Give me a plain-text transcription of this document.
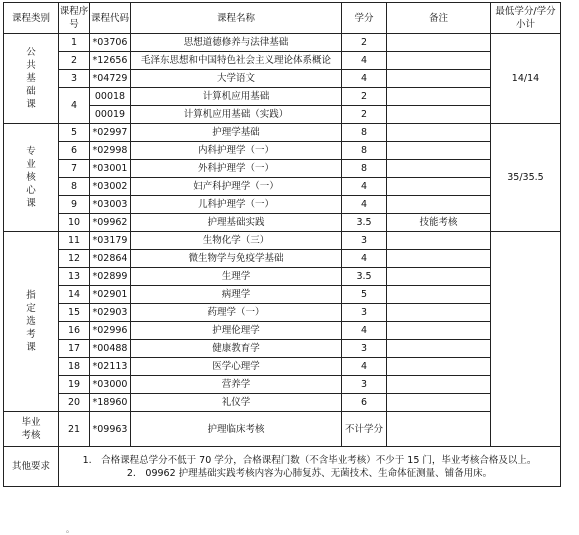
课程类别	课程序号	课程代码	课程名称	学分	备注	最低学分/学分小计

公
共
基
础
课	1	*03706	思想道德修养与法律基础	2		14/14
	2	*12656	毛泽东思想和中国特色社会主义理论体系概论	4		
	3	*04729	大学语文	4		
	4	00018	计算机应用基础	2		
		00019	计算机应用基础（实践）	2		

专
业
核
心
课	5	*02997	护理学基础	8		35/35.5
	6	*02998	内科护理学（一）	8		
	7	*03001	外科护理学（一）	8		
	8	*03002	妇产科护理学（一）	4		
	9	*03003	儿科护理学（一）	4		
	10	*09962	护理基础实践	3.5	技能考核	

指
定
选
考
课	11	*03179	生物化学（三）	3		
	12	*02864	微生物学与免疫学基础	4		
	13	*02899	生理学	3.5		
	14	*02901	病理学	5		
	15	*02903	药理学（一）	3		
	16	*02996	护理伦理学	4		
	17	*00488	健康教育学	3		
	18	*02113	医学心理学	4		
	19	*03000	营养学	3		
	20	*18960	礼仪学	6		

毕业
考核	21	*09963	护理临床考核	不计学分		
其他要求	1.　合格课程总学分不低于 70 学分，合格课程门数（不含毕业考核）不少于 15 门，毕业考核合格及以上。
2.　09962 护理基础实践考核内容为心肺复苏、无菌技术、生命体征测量、铺备用床。					
。
